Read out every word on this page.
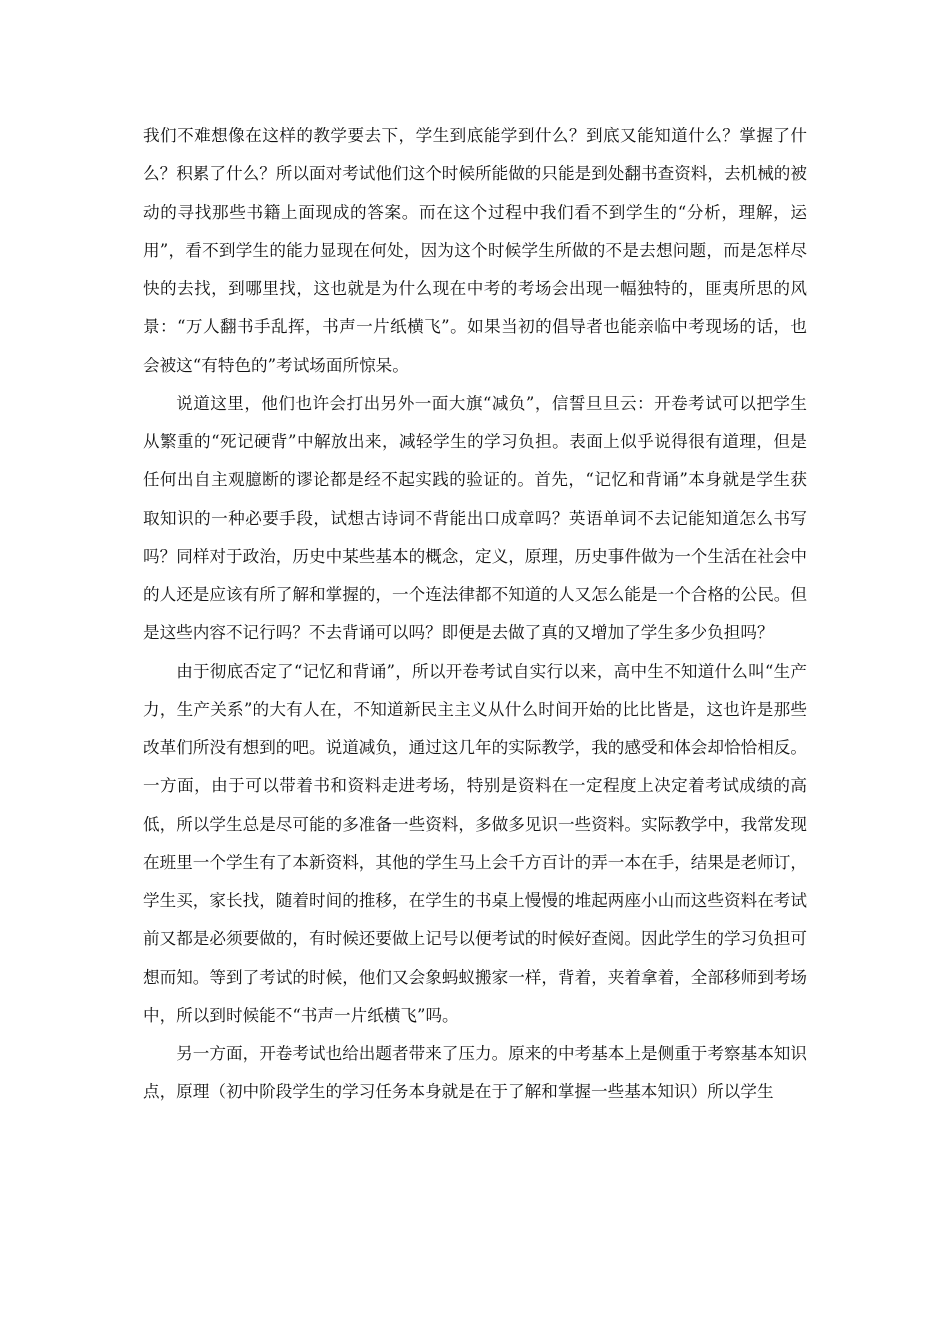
我们不难想像在这样的教学要去下，学生到底能学到什么？到底又能知道什么？掌握了什么？积累了什么？所以面对考试他们这个时候所能做的只能是到处翻书查资料，去机械的被动的寻找那些书籍上面现成的答案。而在这个过程中我们看不到学生的“分析，理解，运用”，看不到学生的能力显现在何处，因为这个时候学生所做的不是去想问题，而是怎样尽快的去找，到哪里找，这也就是为什么现在中考的考场会出现一幅独特的，匪夷所思的风景：“万人翻书手乱挥，书声一片纸横飞”。如果当初的倡导者也能亲临中考现场的话，也会被这“有特色的”考试场面所惊呆。

说道这里，他们也许会打出另外一面大旗“减负”，信誓旦旦云：开卷考试可以把学生从繁重的“死记硬背”中解放出来，减轻学生的学习负担。表面上似乎说得很有道理，但是任何出自主观臆断的谬论都是经不起实践的验证的。首先，“记忆和背诵”本身就是学生获取知识的一种必要手段，试想古诗词不背能出口成章吗？英语单词不去记能知道怎么书写吗？同样对于政治，历史中某些基本的概念，定义，原理，历史事件做为一个生活在社会中的人还是应该有所了解和掌握的，一个连法律都不知道的人又怎么能是一个合格的公民。但是这些内容不记行吗？不去背诵可以吗？即便是去做了真的又增加了学生多少负担吗？

由于彻底否定了“记忆和背诵”，所以开卷考试自实行以来，高中生不知道什么叫“生产力，生产关系”的大有人在，不知道新民主主义从什么时间开始的比比皆是，这也许是那些改革们所没有想到的吧。说道减负，通过这几年的实际教学，我的感受和体会却恰恰相反。一方面，由于可以带着书和资料走进考场，特别是资料在一定程度上决定着考试成绩的高低，所以学生总是尽可能的多准备一些资料，多做多见识一些资料。实际教学中，我常发现在班里一个学生有了本新资料，其他的学生马上会千方百计的弄一本在手，结果是老师订，学生买，家长找，随着时间的推移，在学生的书桌上慢慢的堆起两座小山而这些资料在考试前又都是必须要做的，有时候还要做上记号以便考试的时候好查阅。因此学生的学习负担可想而知。等到了考试的时候，他们又会象蚂蚁搬家一样，背着，夹着拿着，全部移师到考场中，所以到时候能不“书声一片纸横飞”吗。

另一方面，开卷考试也给出题者带来了压力。原来的中考基本上是侧重于考察基本知识点，原理（初中阶段学生的学习任务本身就是在于了解和掌握一些基本知识）所以学生
